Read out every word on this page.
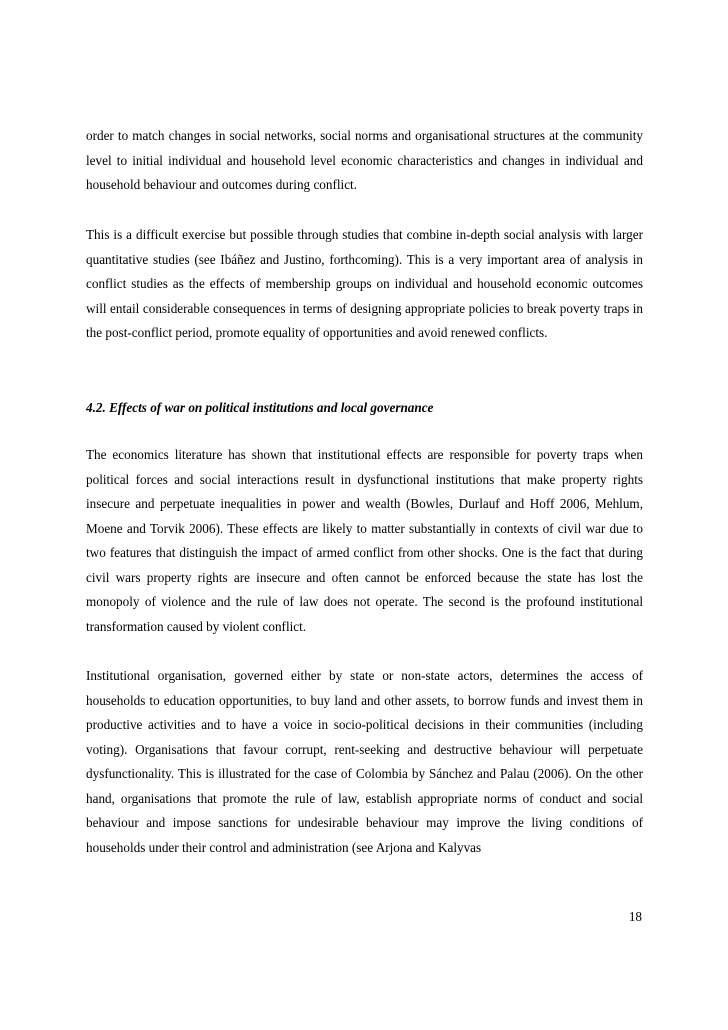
order to match changes in social networks, social norms and organisational structures at the community level to initial individual and household level economic characteristics and changes in individual and household behaviour and outcomes during conflict.

This is a difficult exercise but possible through studies that combine in-depth social analysis with larger quantitative studies (see Ibáñez and Justino, forthcoming). This is a very important area of analysis in conflict studies as the effects of membership groups on individual and household economic outcomes will entail considerable consequences in terms of designing appropriate policies to break poverty traps in the post-conflict period, promote equality of opportunities and avoid renewed conflicts.

4.2. Effects of war on political institutions and local governance

The economics literature has shown that institutional effects are responsible for poverty traps when political forces and social interactions result in dysfunctional institutions that make property rights insecure and perpetuate inequalities in power and wealth (Bowles, Durlauf and Hoff 2006, Mehlum, Moene and Torvik 2006). These effects are likely to matter substantially in contexts of civil war due to two features that distinguish the impact of armed conflict from other shocks. One is the fact that during civil wars property rights are insecure and often cannot be enforced because the state has lost the monopoly of violence and the rule of law does not operate. The second is the profound institutional transformation caused by violent conflict.

Institutional organisation, governed either by state or non-state actors, determines the access of households to education opportunities, to buy land and other assets, to borrow funds and invest them in productive activities and to have a voice in socio-political decisions in their communities (including voting). Organisations that favour corrupt, rent-seeking and destructive behaviour will perpetuate dysfunctionality. This is illustrated for the case of Colombia by Sánchez and Palau (2006). On the other hand, organisations that promote the rule of law, establish appropriate norms of conduct and social behaviour and impose sanctions for undesirable behaviour may improve the living conditions of households under their control and administration (see Arjona and Kalyvas

18
